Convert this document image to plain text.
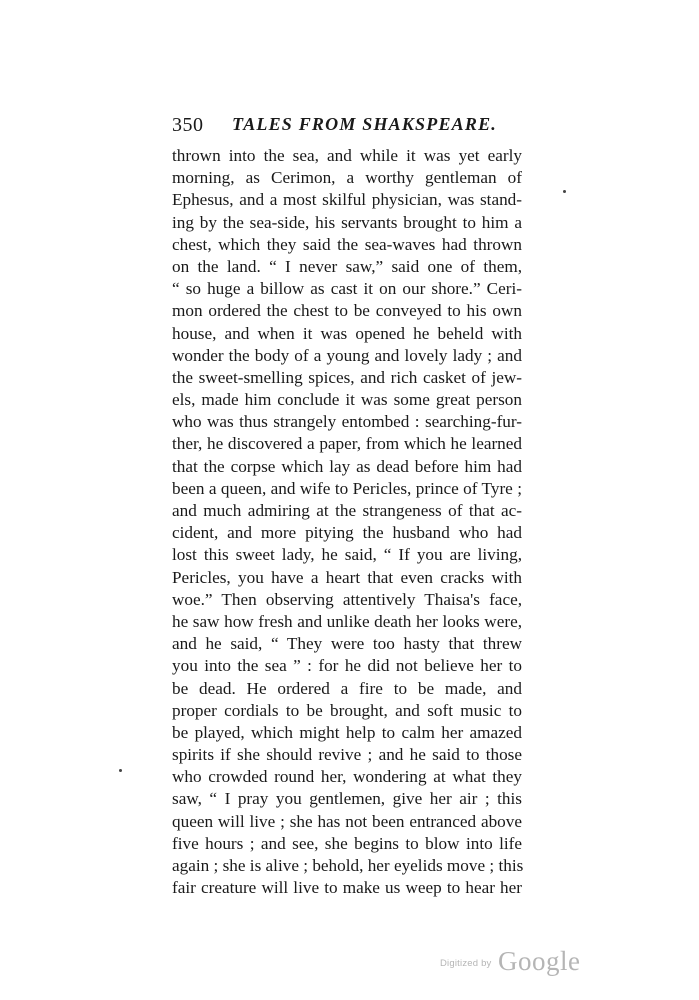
350 TALES FROM SHAKSPEARE.
thrown into the sea, and while it was yet early
morning, as Cerimon, a worthy gentleman of
Ephesus, and a most skilful physician, was stand-
ing by the sea-side, his servants brought to him a
chest, which they said the sea-waves had thrown
on the land. “ I never saw,” said one of them,
“ so huge a billow as cast it on our shore.” Ceri-
mon ordered the chest to be conveyed to his own
house, and when it was opened he beheld with
wonder the body of a young and lovely lady ; and
the sweet-smelling spices, and rich casket of jew-
els, made him conclude it was some great person
who was thus strangely entombed : searching-fur-
ther, he discovered a paper, from which he learned
that the corpse which lay as dead before him had
been a queen, and wife to Pericles, prince of Tyre ;
and much admiring at the strangeness of that ac-
cident, and more pitying the husband who had
lost this sweet lady, he said, “ If you are living,
Pericles, you have a heart that even cracks with
woe.” Then observing attentively Thaisa's face,
he saw how fresh and unlike death her looks were,
and he said, “ They were too hasty that threw
you into the sea ” : for he did not believe her to
be dead. He ordered a fire to be made, and
proper cordials to be brought, and soft music to
be played, which might help to calm her amazed
spirits if she should revive ; and he said to those
who crowded round her, wondering at what they
saw, “ I pray you gentlemen, give her air ; this
queen will live ; she has not been entranced above
five hours ; and see, she begins to blow into life
again ; she is alive ; behold, her eyelids move ; this
fair creature will live to make us weep to hear her
$^{Digitized by}$ Google
